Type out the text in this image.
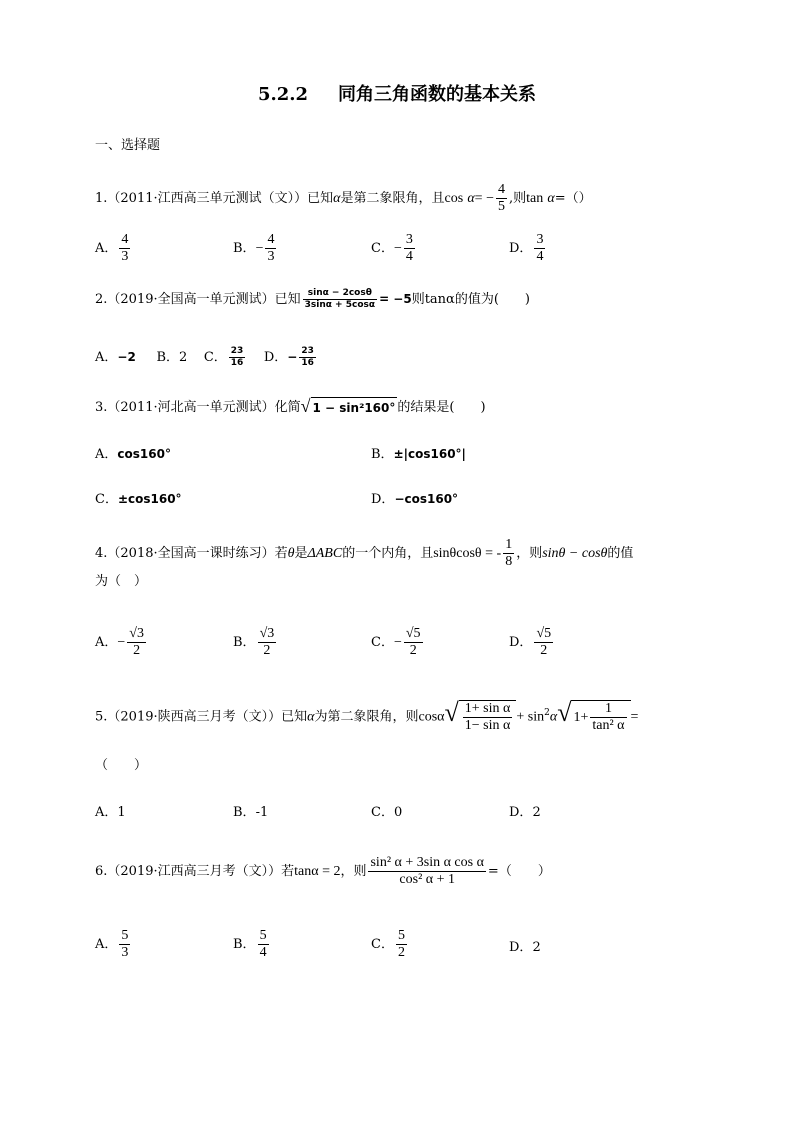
5.2.2 同角三角函数的基本关系
一、选择题
1.（2011·江西高三单元测试（文））已知α是第二象限角，且$\cos \alpha= - \frac{4}{5}$ ,则tan α=（）
A． $\frac{4}{3}$	B．− $\frac{4}{3}$	C．− $\frac{3}{4}$	D． $\frac{3}{4}$
2.（2019·全国高一单元测试）已知 $\frac{\sin\alpha - 2\cos\theta}{3\sin\alpha + 5\cos\alpha} = -5$则tanα的值为(　　)
A．−2 B．2 C． $\frac{23}{16}$ D．− $\frac{23}{16}$
3.（2011·河北高一单元测试）化简√ 1 − sin²160° 的结果是(　　)
A．cos160°	B．±|cos160°|
C．±cos160°	D．−cos160°
4.（2018·全国高一课时练习）若θ是ΔABC的一个内角，且sinθcosθ = - $\frac{1}{8}$ ，则sinθ − cosθ的值
为（　）
A．− $\frac{√3}{2}$	B． $\frac{√3}{2}$	C．− $\frac{√5}{2}$	D． $\frac{√5}{2}$
5.（2019·陕西高三月考（文））已知α为第二象限角，则$\cos\alpha√ \frac{\text{1+ sin α}}{\text{1− sin α}} + \sin^2\alpha√$ $1+ \frac{1}{\text{tan² α}}$ =
（　　）
A．1	B．-1	C．0	D．2
6.（2019·江西高三月考（文））若tanα = 2，则 $\frac{\text{sin² α + 3sin α cos α}}{\text{cos² α + 1}}$ =（　　）
A． $\frac{5}{3}$	B． $\frac{5}{4}$	C． $\frac{5}{2}$	D．2
